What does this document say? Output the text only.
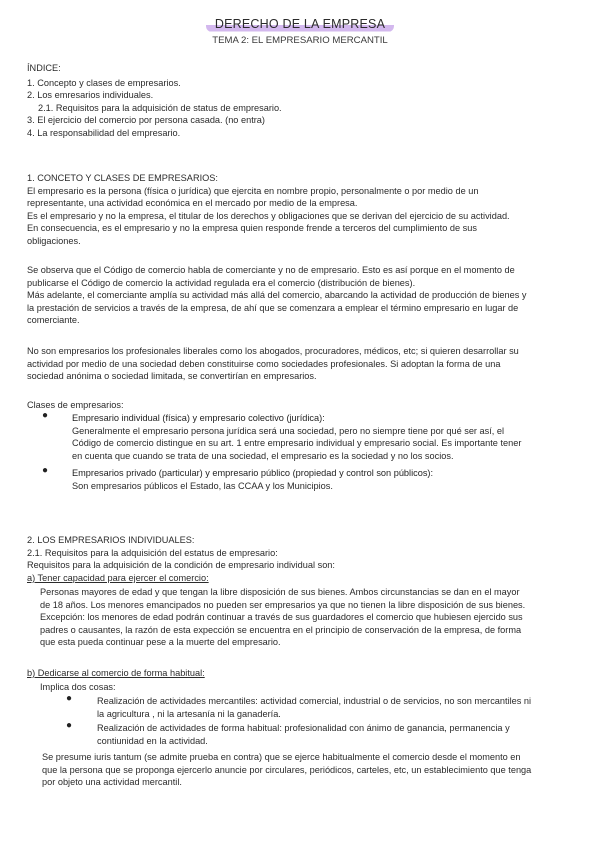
DERECHO DE LA EMPRESA
TEMA 2: EL EMPRESARIO MERCANTIL
ÍNDICE:
1. Concepto y clases de empresarios.
2. Los emresarios individuales.
2.1. Requisitos para la adquisición de status de empresario.
3. El ejercicio del comercio por persona casada. (no entra)
4. La responsabilidad del empresario.
1. CONCETO Y CLASES DE EMPRESARIOS:
El empresario es la persona (física o jurídica) que ejercita en nombre propio, personalmente o por medio de un
representante, una actividad económica en el mercado por medio de la empresa.
Es el empresario y no la empresa, el titular de los derechos y obligaciones que se derivan del ejercicio de su actividad.
En consecuencia, es el empresario y no la empresa quien responde frende a terceros del cumplimiento de sus
obligaciones.
Se observa que el Código de comercio habla de comerciante y no de empresario. Esto es así porque en el momento de
publicarse el Código de comercio la actividad regulada era el comercio (distribución de bienes).
Más adelante, el comerciante amplía su actividad más allá del comercio, abarcando la actividad de producción de bienes y
la prestación de servicios a través de la empresa, de ahí que se comenzara a emplear el término empresario en lugar de
comerciante.
No son empresarios los profesionales liberales como los abogados, procuradores, médicos, etc; si quieren desarrollar su
actividad por medio de una sociedad deben constituirse como sociedades profesionales. Si adoptan la forma de una
sociedad anónima o sociedad limitada, se convertirían en empresarios.
Clases de empresarios:
●	Empresario individual (física) y empresario colectivo (jurídica):
Generalmente el empresario persona jurídica será una sociedad, pero no siempre tiene por qué ser así, el
Código de comercio distingue en su art. 1 entre empresario individual y empresario social. Es importante tener
en cuenta que cuando se trata de una sociedad, el empresario es la sociedad y no los socios.
●	Empresarios privado (particular) y empresario público (propiedad y control son públicos):
Son empresarios públicos el Estado, las CCAA y los Municipios.
2. LOS EMPRESARIOS INDIVIDUALES:
2.1. Requisitos para la adquisición del estatus de empresario:
Requisitos para la adquisición de la condición de empresario individual son:
a) Tener capacidad para ejercer el comercio:
Personas mayores de edad y que tengan la libre disposición de sus bienes. Ambos circunstancias se dan en el mayor
de 18 años. Los menores emancipados no pueden ser empresarios ya que no tienen la libre disposición de sus bienes.
Excepción: los menores de edad podrán continuar a través de sus guardadores el comercio que hubiesen ejercido sus
padres o causantes, la razón de esta expección se encuentra en el principio de conservación de la empresa, de forma
que esta pueda continuar pese a la muerte del empresario.
b) Dedicarse al comercio de forma habitual:
Implica dos cosas:
●	Realización de actividades mercantiles: actividad comercial, industrial o de servicios, no son mercantiles ni
la agricultura , ni la artesanía ni la ganadería.
●	Realización de actividades de forma habitual: profesionalidad con ánimo de ganancia, permanencia y
contiunidad en la actividad.
Se presume iuris tantum (se admite prueba en contra) que se ejerce habitualmente el comercio desde el momento en
que la persona que se proponga ejercerlo anuncie por circulares, periódicos, carteles, etc, un establecimiento que tenga
por objeto una actividad mercantil.
